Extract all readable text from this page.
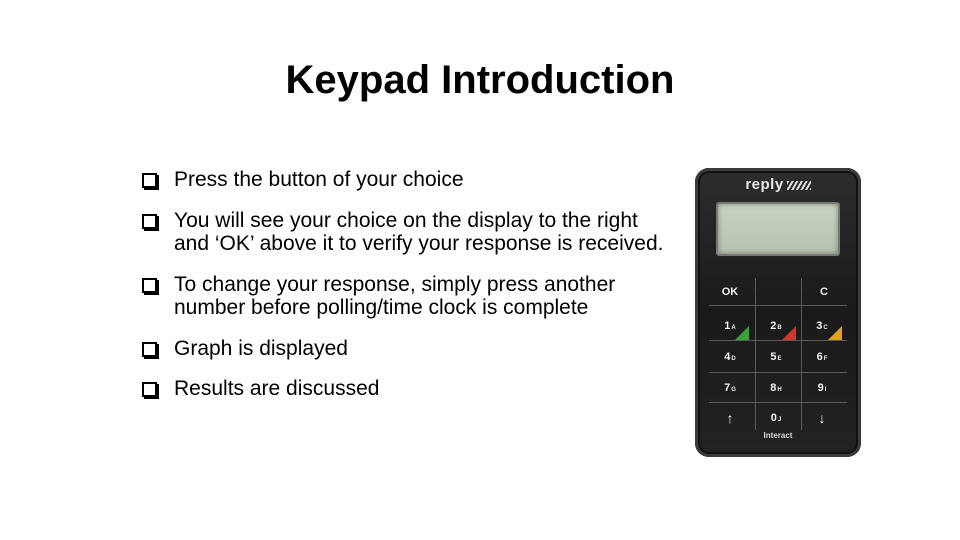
Keypad Introduction
Press the button of your choice
You will see your choice on the display to the right and ‘OK’ above it to verify your response is received.
To change your response, simply press another number before polling/time clock is complete
Graph is displayed
Results are discussed
reply
OK	C
1 A	2 B	3 C
4 D	5 E	6 F
7 G	8 H	9 I
↑	0 J	↓
Interact
